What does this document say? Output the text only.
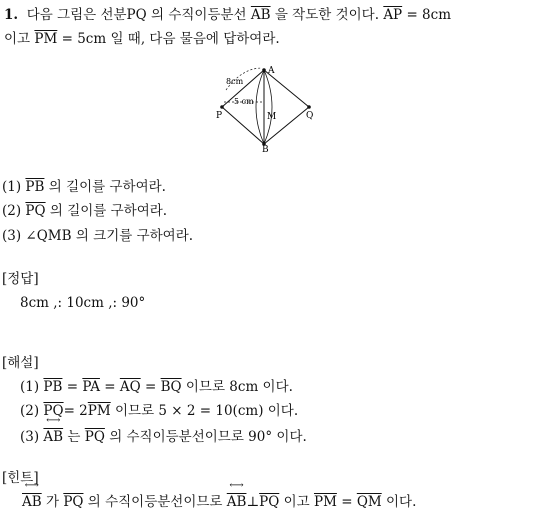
1. 다음 그림은 선분PQ 의 수직이등분선 ⟷ $\overline{AB}$ 을 작도한 것이다. $\overline{AP} = 8cm$
이고 $\overline{PM} = 5cm$ 일 때, 다음 물음에 답하여라.
A
B
P	Q
M
8cm
5 cm
(1) $\overline{PB}$ 의 길이를 구하여라.
(2) $\overline{PQ}$ 의 길이를 구하여라.
(3) ∠QMB 의 크기를 구하여라.
[정답]
8cm ,: 10cm ,: 90°
[해설]
(1) $\overline{PB} = \overline{PA} = \overline{AQ} = \overline{BQ}$ 이므로 8cm 이다.
(2) $\overline{PQ}= 2\overline{PM}$ 이므로 5 × 2 = 10(cm) 이다.
(3) ⟷ $\overline{AB}$ 는 $\overline{PQ}$ 의 수직이등분선이므로 90° 이다.
[힌트]
⟷ $\overline{AB}$ 가 $\overline{PQ}$ 의 수직이등분선이므로 ⟷ $\overline{AB}\perp\overline{PQ}$ 이고 $\overline{PM} = \overline{QM}$ 이다.
